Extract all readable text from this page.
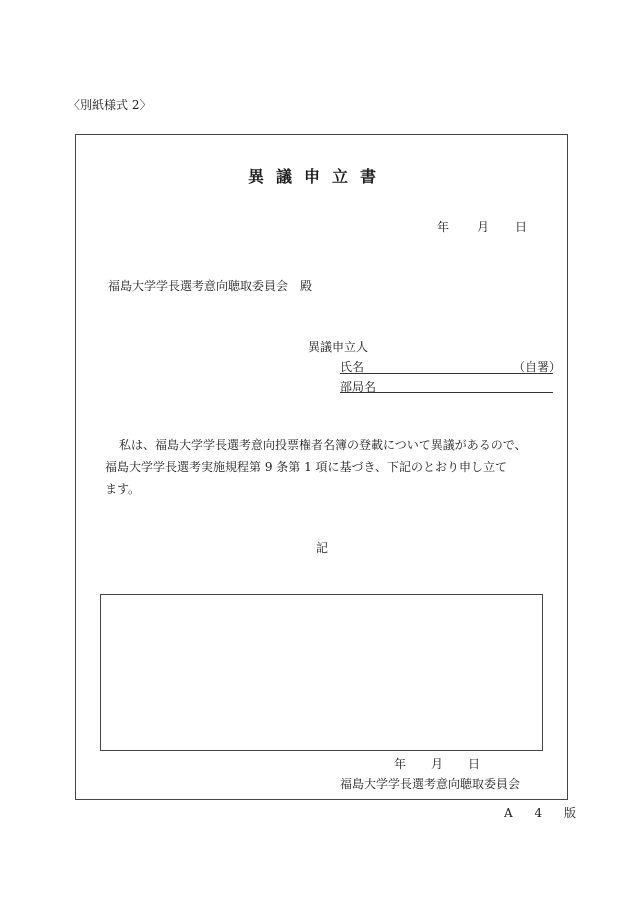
〈別紙様式 2〉
異議申立書
年 月 日
福島大学学長選考意向聴取委員会　殿
異議申立人
氏名	（自署）
部局名

私は、福島大学学長選考意向投票権者名簿の登載について異議があるので、

福島大学学長選考実施規程第 9 条第 1 項に基づき、下記のとおり申し立て

ます。

記
年 月 日
福島大学学長選考意向聴取委員会
A 4 版
